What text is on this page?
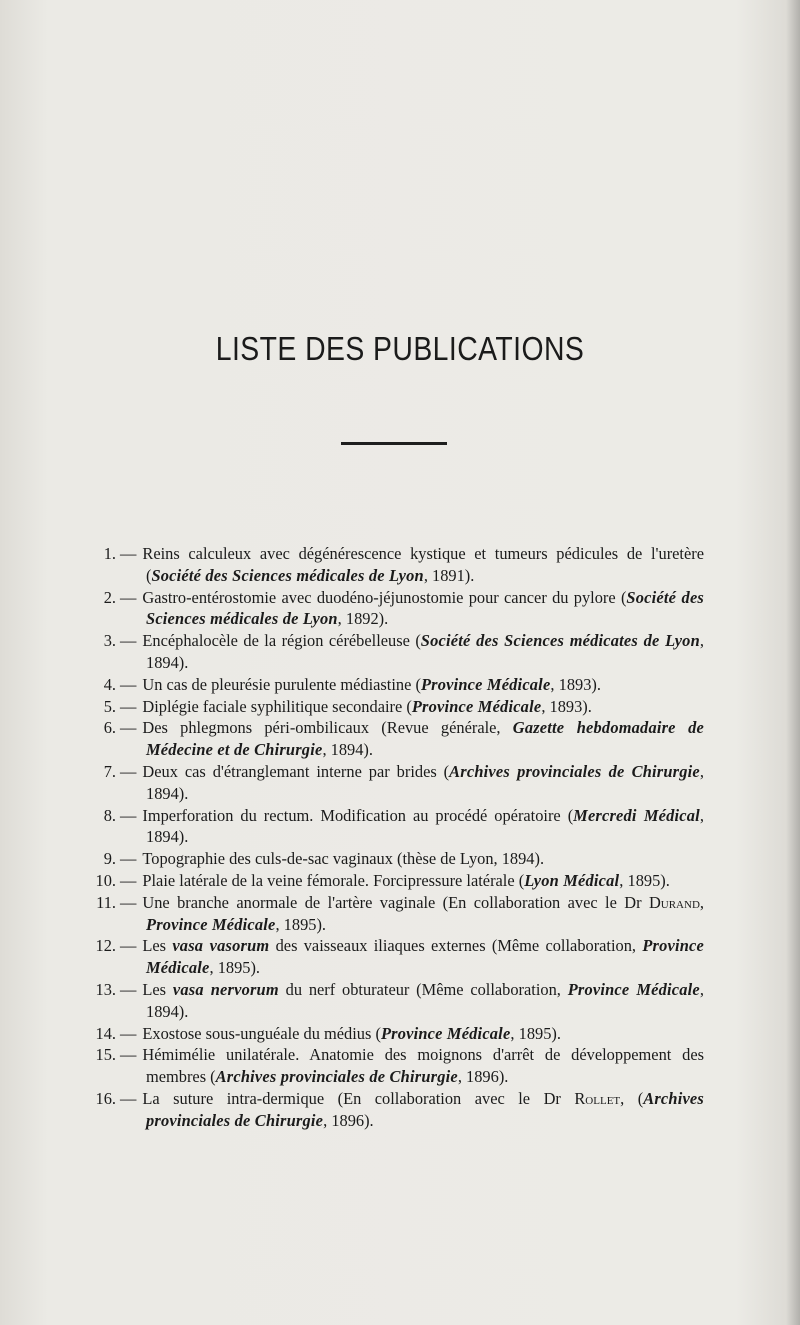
LISTE DES PUBLICATIONS
1. — Reins calculeux avec dégénérescence kystique et tumeurs pédicules de l'uretère (Société des Sciences médicales de Lyon, 1891).
2. — Gastro-entérostomie avec duodéno-jéjunostomie pour cancer du pylore (Société des Sciences médicales de Lyon, 1892).
3. — Encéphalocèle de la région cérébelleuse (Société des Sciences médicates de Lyon, 1894).
4. — Un cas de pleurésie purulente médiastine (Province Médicale, 1893).
5. — Diplégie faciale syphilitique secondaire (Province Médicale, 1893).
6. — Des phlegmons péri-ombilicaux (Revue générale, Gazette hebdomadaire de Médecine et de Chirurgie, 1894).
7. — Deux cas d'étranglemant interne par brides (Archives provinciales de Chirurgie, 1894).
8. — Imperforation du rectum. Modification au procédé opératoire (Mercredi Médical, 1894).
9. — Topographie des culs-de-sac vaginaux (thèse de Lyon, 1894).
10. — Plaie latérale de la veine fémorale. Forcipressure latérale (Lyon Médical, 1895).
11. — Une branche anormale de l'artère vaginale (En collaboration avec le Dr Durand, Province Médicale, 1895).
12. — Les vasa vasorum des vaisseaux iliaques externes (Même collaboration, Province Médicale, 1895).
13. — Les vasa nervorum du nerf obturateur (Même collaboration, Province Médicale, 1894).
14. — Exostose sous-unguéale du médius (Province Médicale, 1895).
15. — Hémimélie unilatérale. Anatomie des moignons d'arrêt de développement des membres (Archives provinciales de Chirurgie, 1896).
16. — La suture intra-dermique (En collaboration avec le Dr Rollet, (Archives provinciales de Chirurgie, 1896).
